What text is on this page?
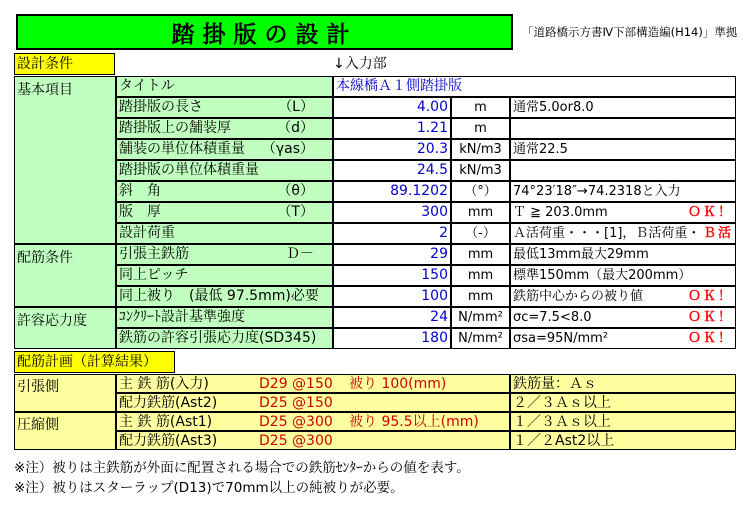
踏掛版の設計	「道路橋示方書Ⅳ下部構造編(H14)」準拠
設計条件	↓入力部
基本項目
配筋条件
許容応力度
タイトル	本線橋Ａ１側踏掛版
踏掛版の長さ	（L）	4.00	m	通常5.0or8.0
踏掛版上の舗装厚	（d）	1.21	m
舗装の単位体積重量 （γas）	20.3 kN/m3 通常22.5
踏掛版の単位体積重量	24.5 kN/m3
斜　角	（θ）	89.1202	（°）	74°23′18″→74.2318と入力
版　厚	（T）	300	mm	Ｔ ≧ 203.0mm	ＯＫ！
設計荷重	2	（-）	Ａ活荷重・・・[1]，Ｂ活荷重・ Ｂ活
引張主鉄筋	Ｄ－	29	mm	最低13mm最大29mm
同上ピッチ	150	mm	標準150mm（最大200mm）
同上被り　(最低 97.5mm)必要	100	mm	鉄筋中心からの被り値	ＯＫ！
ｺﾝｸﾘｰﾄ設計基準強度	24 N/mm² σc=7.5<8.0	ＯＫ！
鉄筋の許容引張応力度(SD345)	180 N/mm² σsa=95N/mm²	ＯＫ！
配筋計画（計算結果）
引張側
圧縮側
主 鉄 筋(入力)	D29 @150	被り 100(mm)	鉄筋量：Ａｓ
配力鉄筋(Ast2)	D25 @150	２／３Ａｓ以上
主 鉄 筋(Ast1)	D25 @300	被り 95.5以上(mm) １／３Ａｓ以上
配力鉄筋(Ast3)	D25 @300	１／２Ast2以上
※注）被りは主鉄筋が外面に配置される場合での鉄筋ｾﾝﾀｰからの値を表す。
※注）被りはスターラップ(D13)で70mm以上の純被りが必要。
